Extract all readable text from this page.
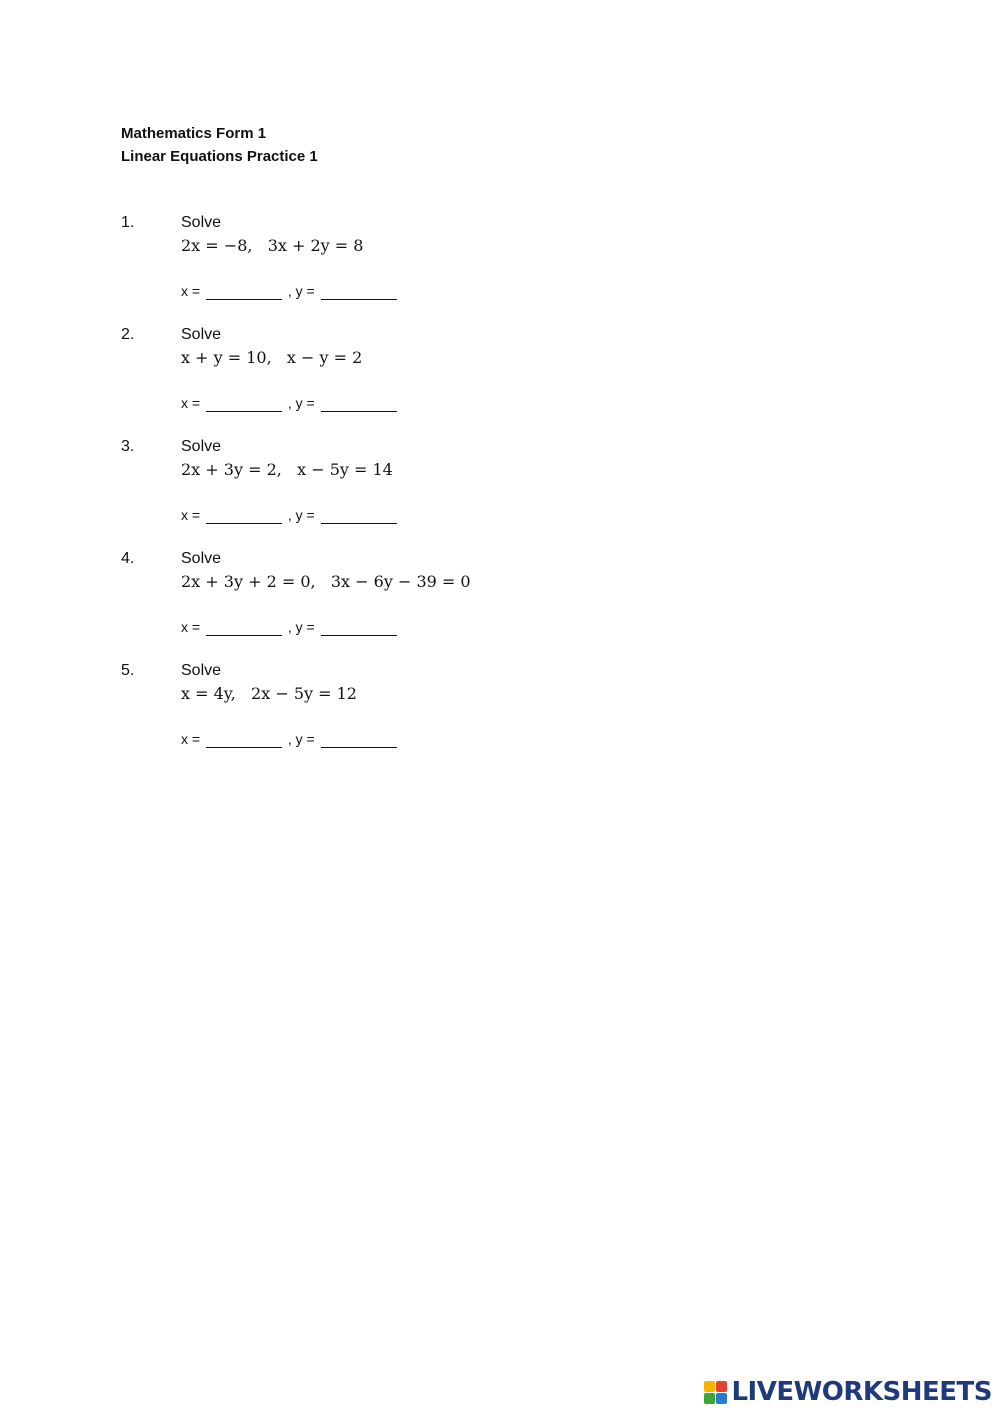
Mathematics Form 1
Linear Equations Practice 1
1.	Solve
2x = −8,   3x + 2y = 8
x =	, y =
2.	Solve
x + y = 10,   x − y = 2
x =	, y =
3.	Solve
2x + 3y = 2,   x − 5y = 14
x =	, y =
4.	Solve
2x + 3y + 2 = 0,   3x − 6y − 39 = 0
x =	, y =
5.	Solve
x = 4y,   2x − 5y = 12
x =	, y =
LIVEWORKSHEETS
